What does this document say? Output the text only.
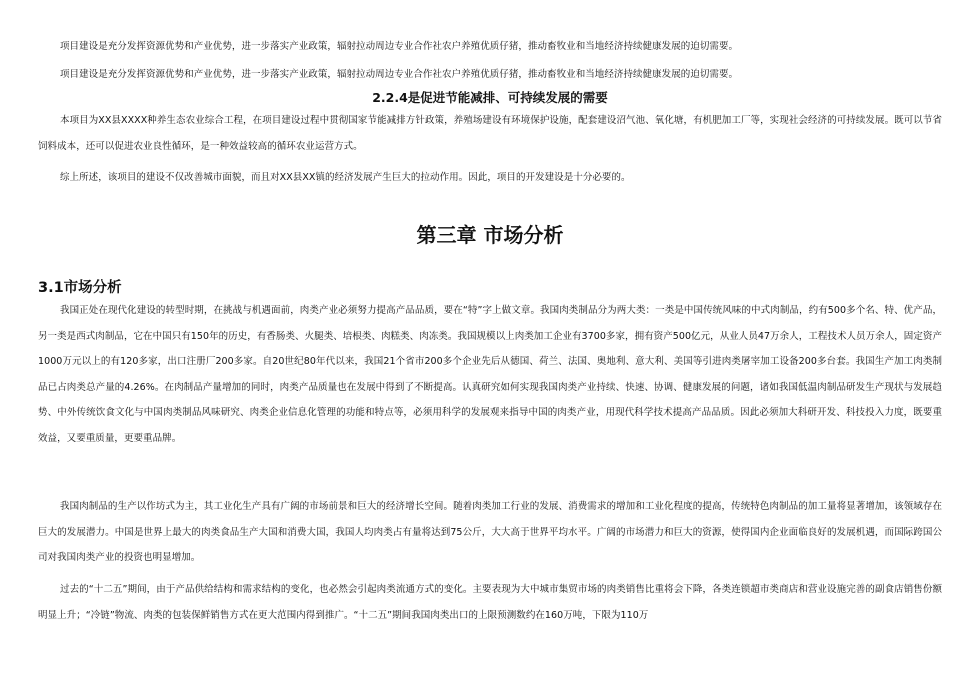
项目建设是充分发挥资源优势和产业优势，进一步落实产业政策，辐射拉动周边专业合作社农户养殖优质仔猪，推动畜牧业和当地经济持续健康发展的迫切需要。
项目建设是充分发挥资源优势和产业优势，进一步落实产业政策，辐射拉动周边专业合作社农户养殖优质仔猪，推动畜牧业和当地经济持续健康发展的迫切需要。
2.2.4是促进节能减排、可持续发展的需要
本项目为XX县XXXX种养生态农业综合工程，在项目建设过程中贯彻国家节能减排方针政策，养殖场建设有环境保护设施，配套建设沼气池、氧化塘，有机肥加工厂等，实现社会经济的可持续发展。既可以节省饲料成本，还可以促进农业良性循环，是一种效益较高的循环农业运营方式。
综上所述，该项目的建设不仅改善城市面貌，而且对XX县XX镇的经济发展产生巨大的拉动作用。因此，项目的开发建设是十分必要的。
第三章 市场分析
3.1市场分析
我国正处在现代化建设的转型时期，在挑战与机遇面前，肉类产业必须努力提高产品品质，要在“特”字上做文章。我国肉类制品分为两大类：一类是中国传统风味的中式肉制品，约有500多个名、特、优产品，另一类是西式肉制品，它在中国只有150年的历史，有香肠类、火腿类、培根类、肉糕类、肉冻类。我国规模以上肉类加工企业有3700多家，拥有资产500亿元，从业人员47万余人，工程技术人员万余人，固定资产1000万元以上的有120多家，出口注册厂200多家。自20世纪80年代以来，我国21个省市200多个企业先后从德国、荷兰、法国、奥地利、意大利、美国等引进肉类屠宰加工设备200多台套。我国生产加工肉类制品已占肉类总产量的4.26%。在肉制品产量增加的同时，肉类产品质量也在发展中得到了不断提高。认真研究如何实现我国肉类产业持续、快速、协调、健康发展的问题，诸如我国低温肉制品研发生产现状与发展趋势、中外传统饮食文化与中国肉类制品风味研究、肉类企业信息化管理的功能和特点等，必须用科学的发展观来指导中国的肉类产业，用现代科学技术提高产品品质。因此必须加大科研开发、科技投入力度，既要重效益，又要重质量，更要重品牌。
我国肉制品的生产以作坊式为主，其工业化生产具有广阔的市场前景和巨大的经济增长空间。随着肉类加工行业的发展、消费需求的增加和工业化程度的提高，传统特色肉制品的加工量将显著增加，该领域存在巨大的发展潜力。中国是世界上最大的肉类食品生产大国和消费大国，我国人均肉类占有量将达到75公斤，大大高于世界平均水平。广阔的市场潜力和巨大的资源，使得国内企业面临良好的发展机遇，而国际跨国公司对我国肉类产业的投资也明显增加。
过去的“十二五”期间，由于产品供给结构和需求结构的变化，也必然会引起肉类流通方式的变化。主要表现为大中城市集贸市场的肉类销售比重将会下降，各类连锁超市类商店和营业设施完善的副食店销售份额明显上升；“冷链”物流、肉类的包装保鲜销售方式在更大范围内得到推广。“十二五”期间我国肉类出口的上限预测数约在160万吨，下限为110万
